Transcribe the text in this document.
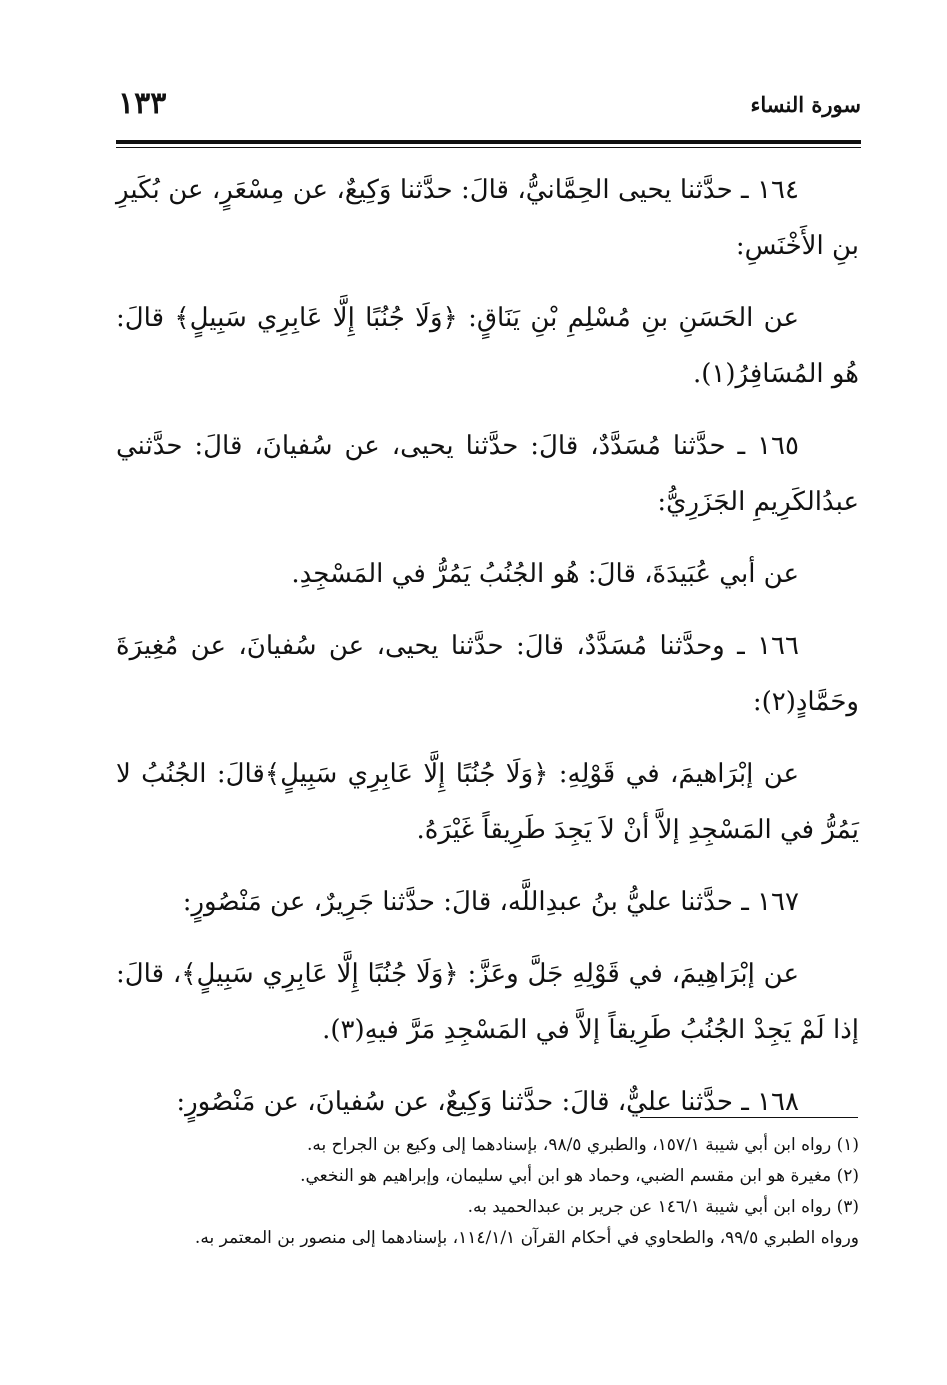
سورة النساء
١٣٣

١٦٤ ـ حدَّثنا يحيى الحِمَّانيُّ، قالَ: حدَّثنا وَكِيعٌ، عن مِسْعَرٍ، عن بُكَيرِ بنِ الأَخْنَسِ:

عن الحَسَنِ بنِ مُسْلِمِ بْنِ يَنَاقٍ: ﴿وَلَا جُنُبًا إِلَّا عَابِرِي سَبِيلٍ﴾ قالَ: هُو المُسَافِرُ(١).

١٦٥ ـ حدَّثنا مُسَدَّدٌ، قالَ: حدَّثنا يحيى، عن سُفيانَ، قالَ: حدَّثني عبدُالكَرِيمِ الجَزَرِيُّ:

عن أبي عُبَيدَةَ، قالَ: هُو الجُنُبُ يَمُرُّ في المَسْجِدِ.

١٦٦ ـ وحدَّثنا مُسَدَّدٌ، قالَ: حدَّثنا يحيى، عن سُفيانَ، عن مُغِيرَةَ وحَمَّادٍ(٢):

عن إبْرَاهيمَ، في قَوْلِهِ: ﴿وَلَا جُنُبًا إِلَّا عَابِرِي سَبِيلٍ﴾قالَ: الجُنُبُ لا يَمُرُّ في المَسْجِدِ إلاَّ أنْ لاَ يَجِدَ طَرِيقاً غَيْرَهُ.

١٦٧ ـ حدَّثنا عليُّ بنُ عبدِاللَّه، قالَ: حدَّثنا جَرِيرٌ، عن مَنْصُورٍ:

عن إبْرَاهِيمَ، في قَوْلِهِ جَلَّ وعَزَّ: ﴿وَلَا جُنُبًا إِلَّا عَابِرِي سَبِيلٍ﴾، قالَ: إذا لَمْ يَجِدْ الجُنُبُ طَرِيقاً إلاَّ في المَسْجِدِ مَرَّ فيهِ(٣).

١٦٨ ـ حدَّثنا عليٌّ، قالَ: حدَّثنا وَكِيعٌ، عن سُفيانَ، عن مَنْصُورٍ:

(١) رواه ابن أبي شيبة ١٥٧/١، والطبري ٩٨/٥، بإسنادهما إلى وكيع بن الجراح به.

(٢) مغيرة هو ابن مقسم الضبي، وحماد هو ابن أبي سليمان، وإبراهيم هو النخعي.

(٣) رواه ابن أبي شيبة ١٤٦/١ عن جرير بن عبدالحميد به.

ورواه الطبري ٩٩/٥، والطحاوي في أحكام القرآن ١١٤/١/١، بإسنادهما إلى منصور بن المعتمر به.
